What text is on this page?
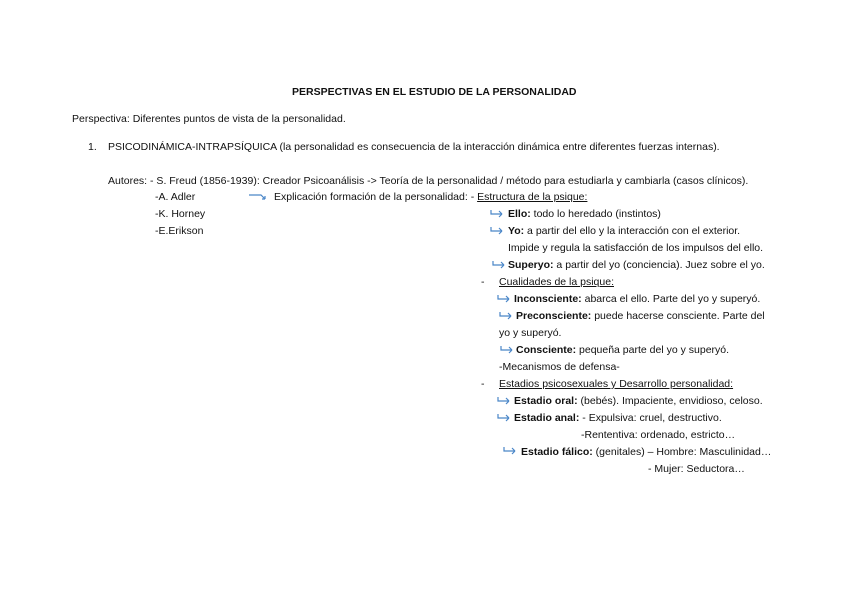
PERSPECTIVAS EN EL ESTUDIO DE LA PERSONALIDAD
Perspectiva: Diferentes puntos de vista de la personalidad.
1. PSICODINÁMICA-INTRAPSÍQUICA (la personalidad es consecuencia de la interacción dinámica entre diferentes fuerzas internas).
Autores: - S. Freud (1856-1939): Creador Psicoanálisis -> Teoría de la personalidad / método para estudiarla y cambiarla (casos clínicos).
-A. Adler
-K. Horney
-E.Erikson
Explicación formación de la personalidad: - Estructura de la psique:
Ello: todo lo heredado (instintos)
Yo: a partir del ello y la interacción con el exterior.
Impide y regula la satisfacción de los impulsos del ello.
Superyo: a partir del yo (conciencia). Juez sobre el yo.
- Cualidades de la psique:
Inconsciente: abarca el ello. Parte del yo y superyó.
Preconsciente: puede hacerse consciente. Parte del
yo y superyó.
Consciente: pequeña parte del yo y superyó.
-Mecanismos de defensa-
- Estadios psicosexuales y Desarrollo personalidad:
Estadio oral: (bebés). Impaciente, envidioso, celoso.
Estadio anal: - Expulsiva: cruel, destructivo.
-Rententiva: ordenado, estricto…
Estadio fálico: (genitales) – Hombre: Masculinidad…
- Mujer: Seductora…
